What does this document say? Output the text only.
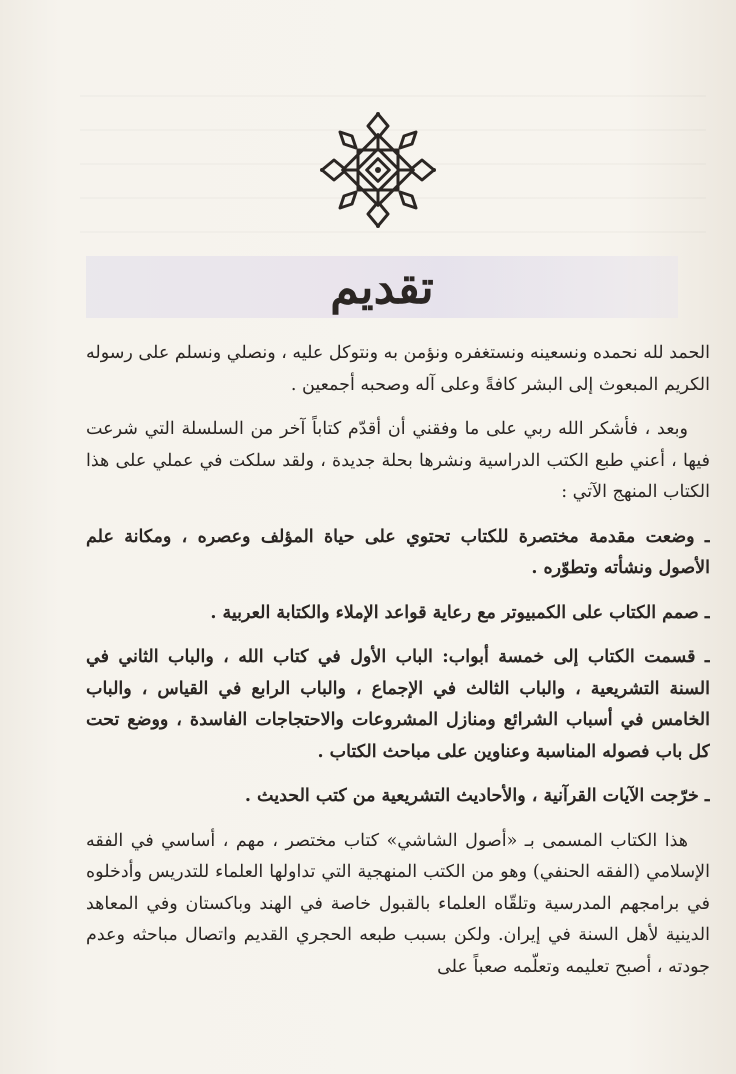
تقديم

الحمد لله نحمده ونسعينه ونستغفره ونؤمن به ونتوكل عليه ، ونصلي ونسلم على رسوله الكريم المبعوث إلى البشر كافةً وعلى آله وصحبه أجمعين .

وبعد ، فأشكر الله ربي على ما وفقني أن أقدّم كتاباً آخر من السلسلة التي شرعت فيها ، أعني طبع الكتب الدراسية ونشرها بحلة جديدة ، ولقد سلكت في عملي على هذا الكتاب المنهج الآتي :

ـ وضعت مقدمة مختصرة للكتاب تحتوي على حياة المؤلف وعصره ، ومكانة علم الأصول ونشأته وتطوّره .

ـ صمم الكتاب على الكمبيوتر مع رعاية قواعد الإملاء والكتابة العربية .

ـ قسمت الكتاب إلى خمسة أبواب: الباب الأول في كتاب الله ، والباب الثاني في السنة التشريعية ، والباب الثالث في الإجماع ، والباب الرابع في القياس ، والباب الخامس في أسباب الشرائع ومنازل المشروعات والاحتجاجات الفاسدة ، ووضع تحت كل باب فصوله المناسبة وعناوين على مباحث الكتاب .

ـ خرّجت الآيات القرآنية ، والأحاديث التشريعية من كتب الحديث .

هذا الكتاب المسمى بـ «أصول الشاشي» كتاب مختصر ، مهم ، أساسي في الفقه الإسلامي (الفقه الحنفي) وهو من الكتب المنهجية التي تداولها العلماء للتدريس وأدخلوه في برامجهم المدرسية وتلقّاه العلماء بالقبول خاصة في الهند وباكستان وفي المعاهد الدينية لأهل السنة في إيران. ولكن بسبب طبعه الحجري القديم واتصال مباحثه وعدم جودته ، أصبح تعليمه وتعلّمه صعباً على
